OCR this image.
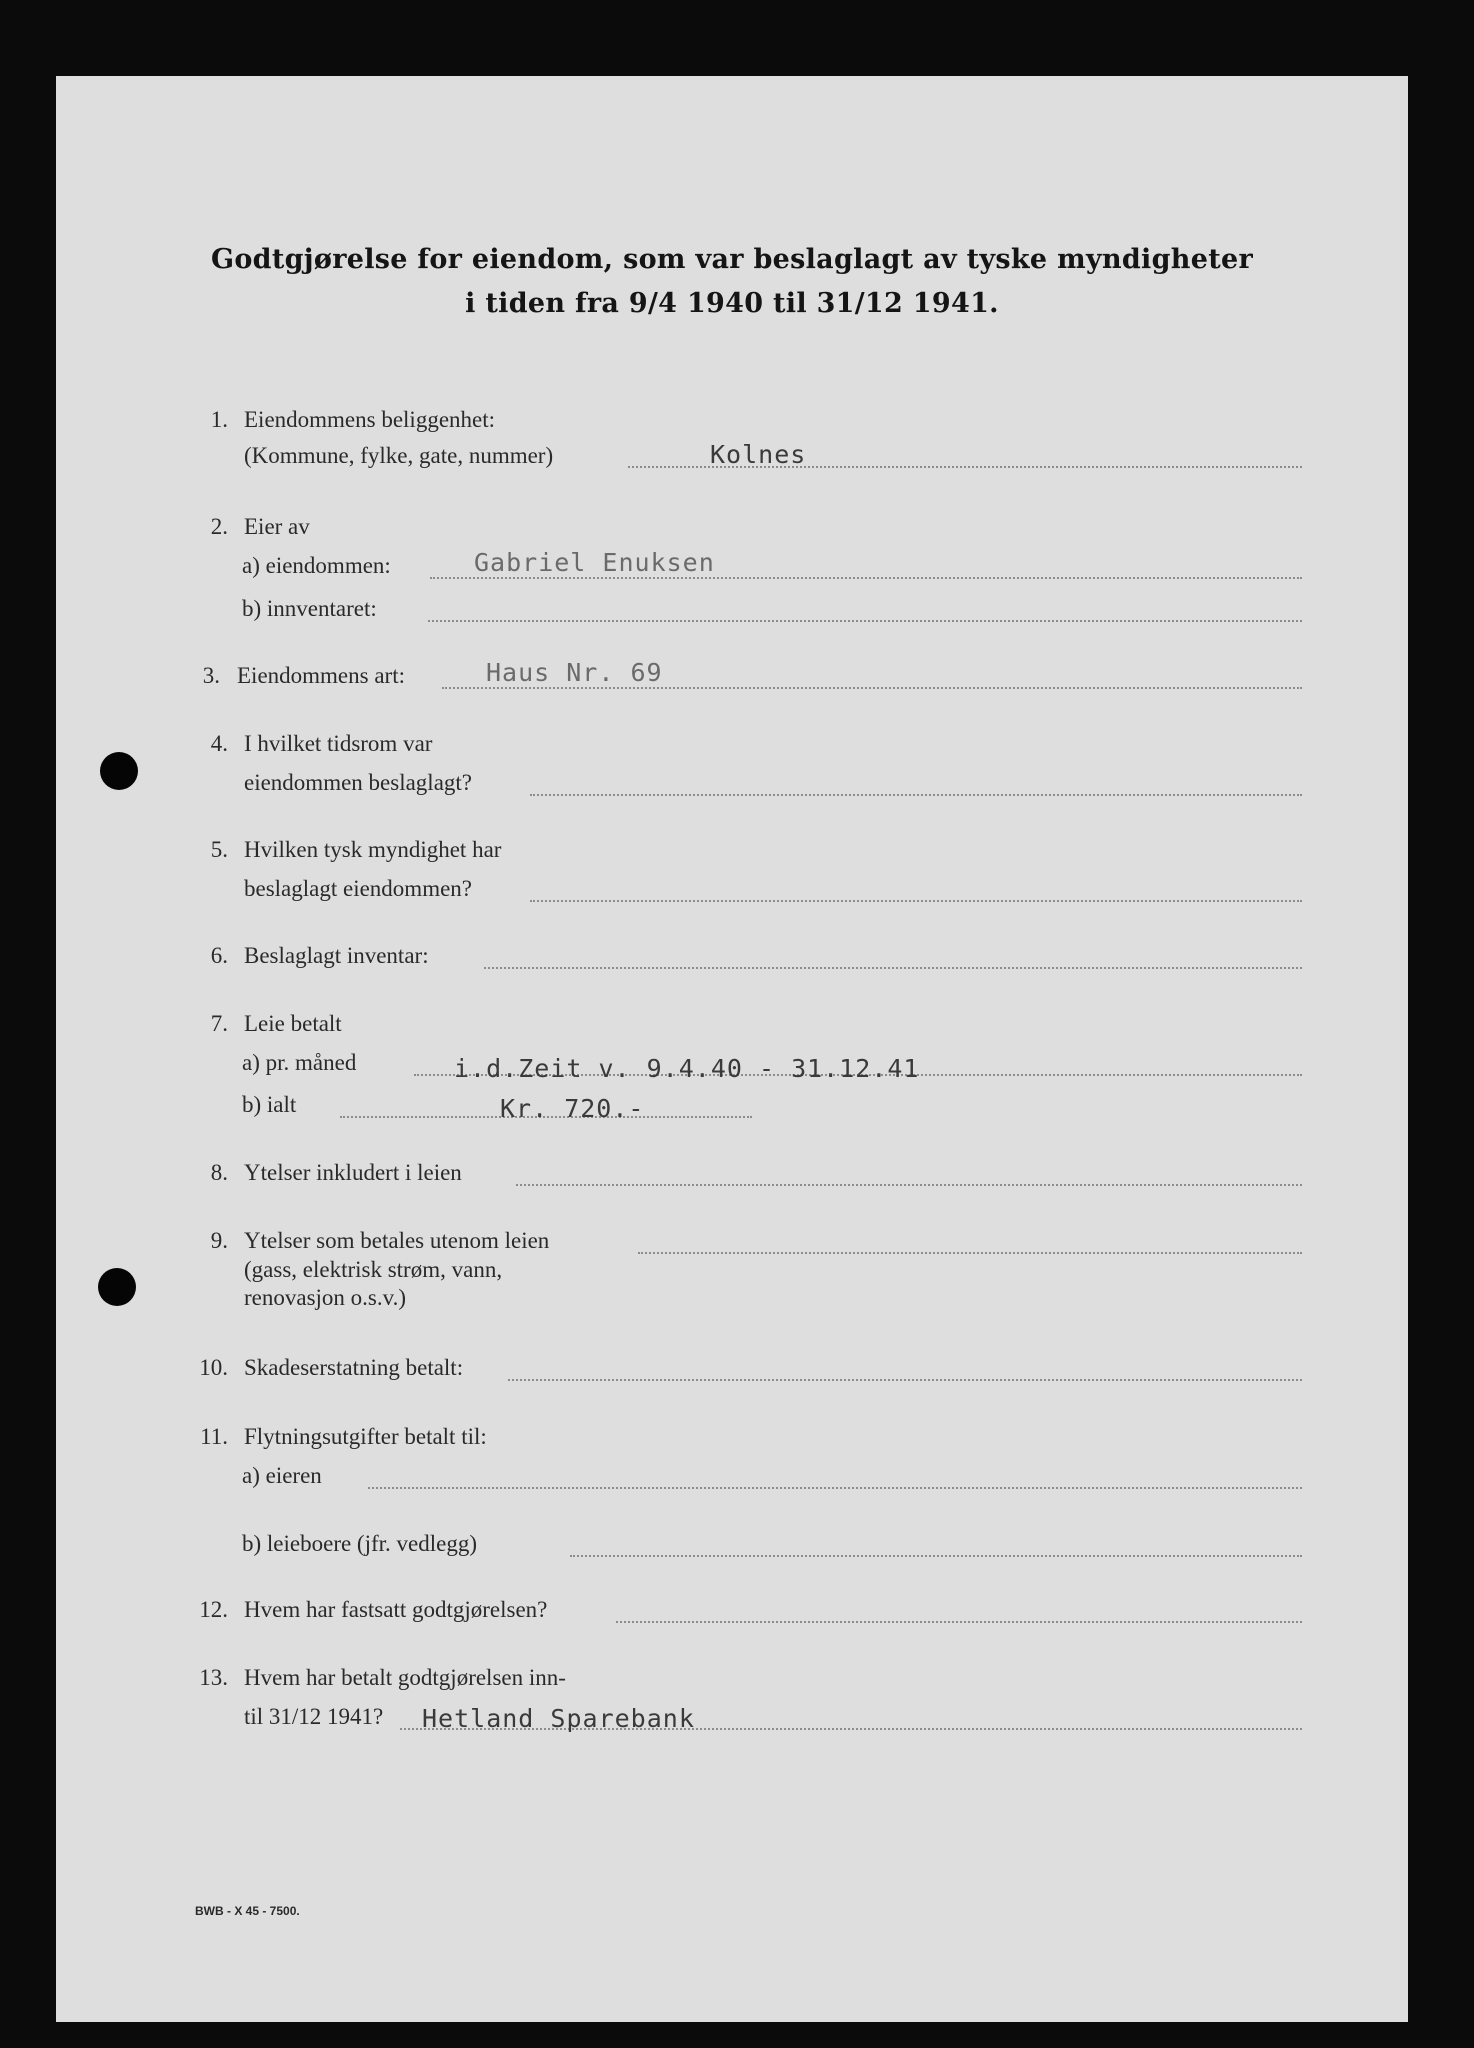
Godtgjørelse for eiendom, som var beslaglagt av tyske myndigheter
i tiden fra 9/4 1940 til 31/12 1941.
1. Eiendommens beliggenhet:
(Kommune, fylke, gate, nummer)	Kolnes
2. Eier av
a) eiendommen:	Gabriel Enuksen
b) innventaret:
3. Eiendommens art:	Haus Nr. 69
4. I hvilket tidsrom var
eiendommen beslaglagt?
5. Hvilken tysk myndighet har
beslaglagt eiendommen?
6. Beslaglagt inventar:
7. Leie betalt
a) pr. måned	i.d.Zeit v. 9.4.40 - 31.12.41
b) ialt	Kr. 720.-
8. Ytelser inkludert i leien
9. Ytelser som betales utenom leien
(gass, elektrisk strøm, vann,
renovasjon o.s.v.)
10. Skadeserstatning betalt:
11. Flytningsutgifter betalt til:
a) eieren
b) leieboere (jfr. vedlegg)
12. Hvem har fastsatt godtgjørelsen?
13. Hvem har betalt godtgjørelsen inn-
til 31/12 1941? Hetland Sparebank
BWB - X 45 - 7500.
